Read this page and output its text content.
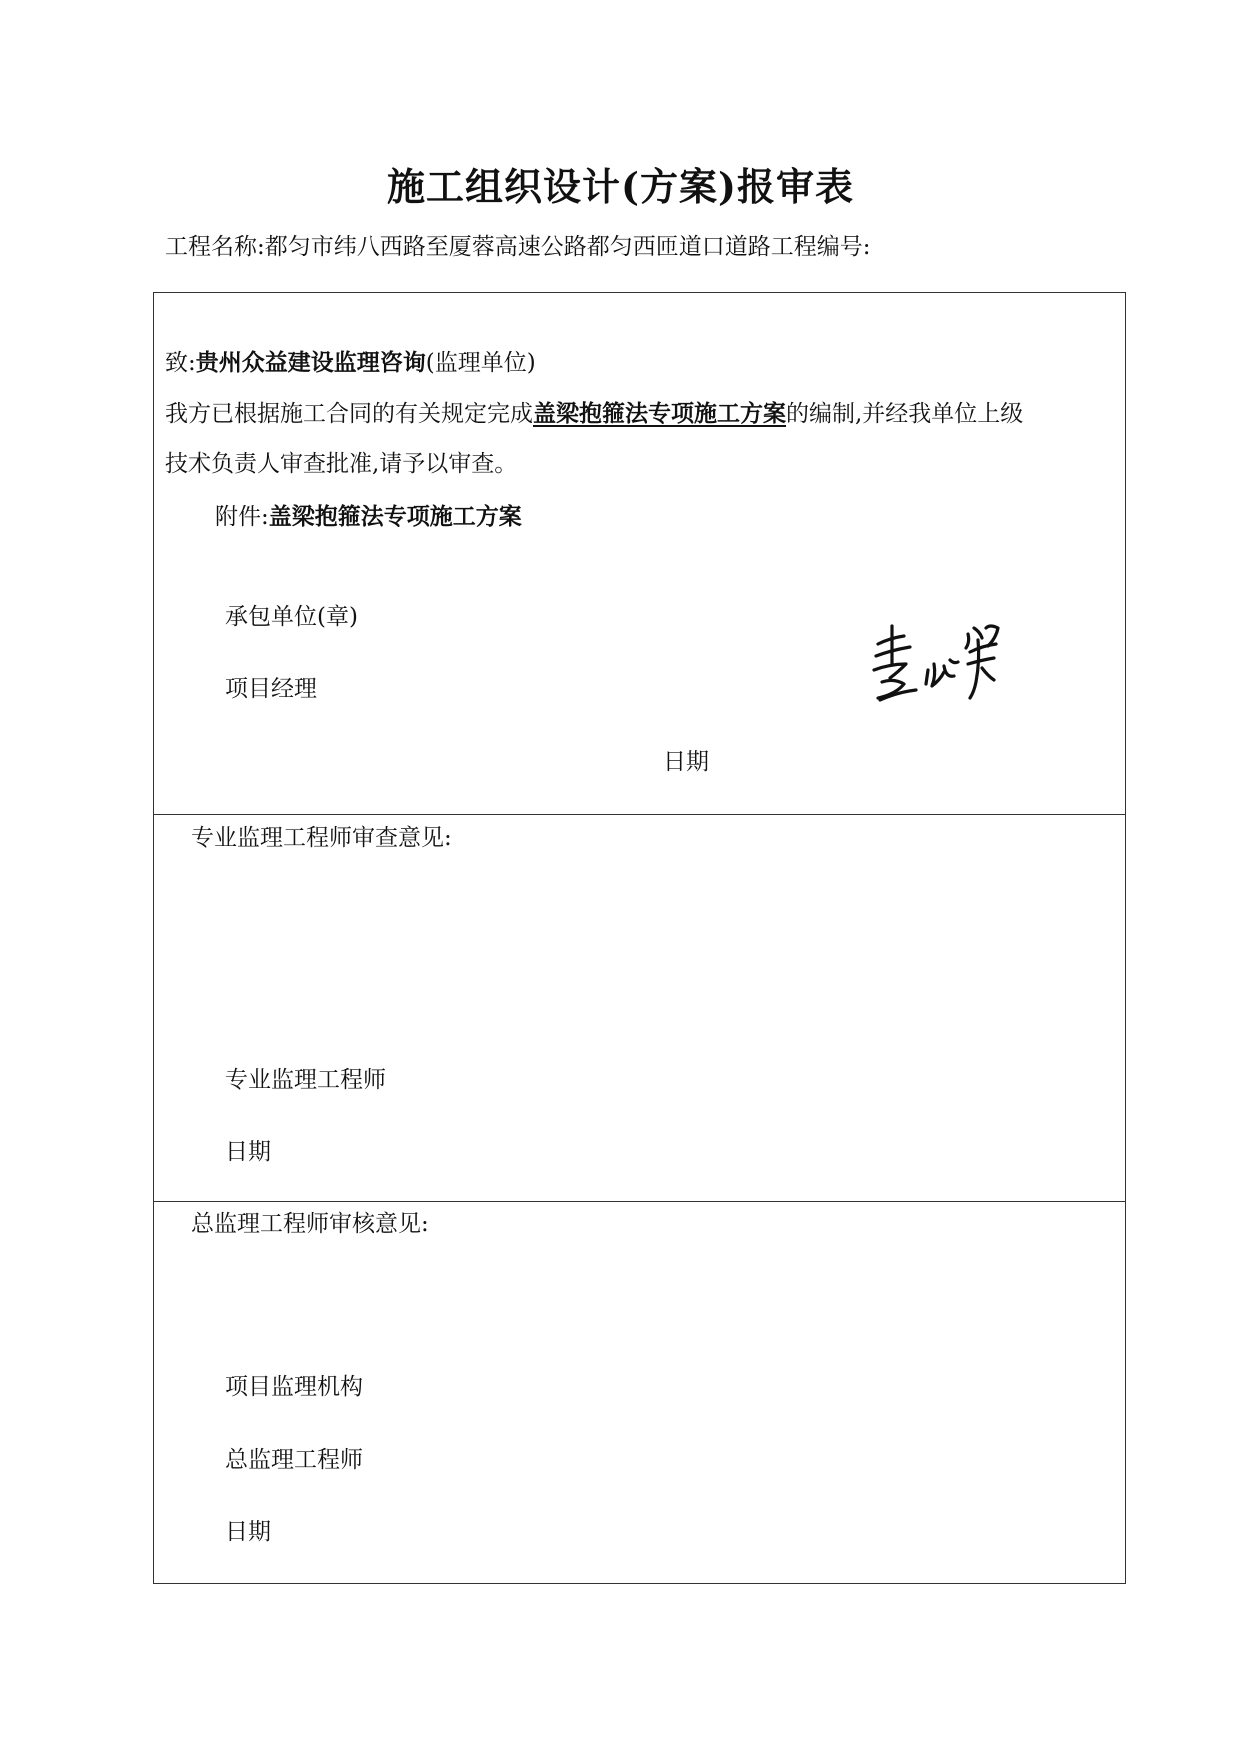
施工组织设计(方案)报审表
工程名称:都匀市纬八西路至厦蓉高速公路都匀西匝道口道路工程编号:
致:贵州众益建设监理咨询(监理单位)
我方已根据施工合同的有关规定完成盖梁抱箍法专项施工方案的编制,并经我单位上级
技术负责人审查批准,请予以审查。
附件:盖梁抱箍法专项施工方案
承包单位(章)
项目经理
日期
专业监理工程师审查意见:
专业监理工程师
日期
总监理工程师审核意见:
项目监理机构
总监理工程师
日期
